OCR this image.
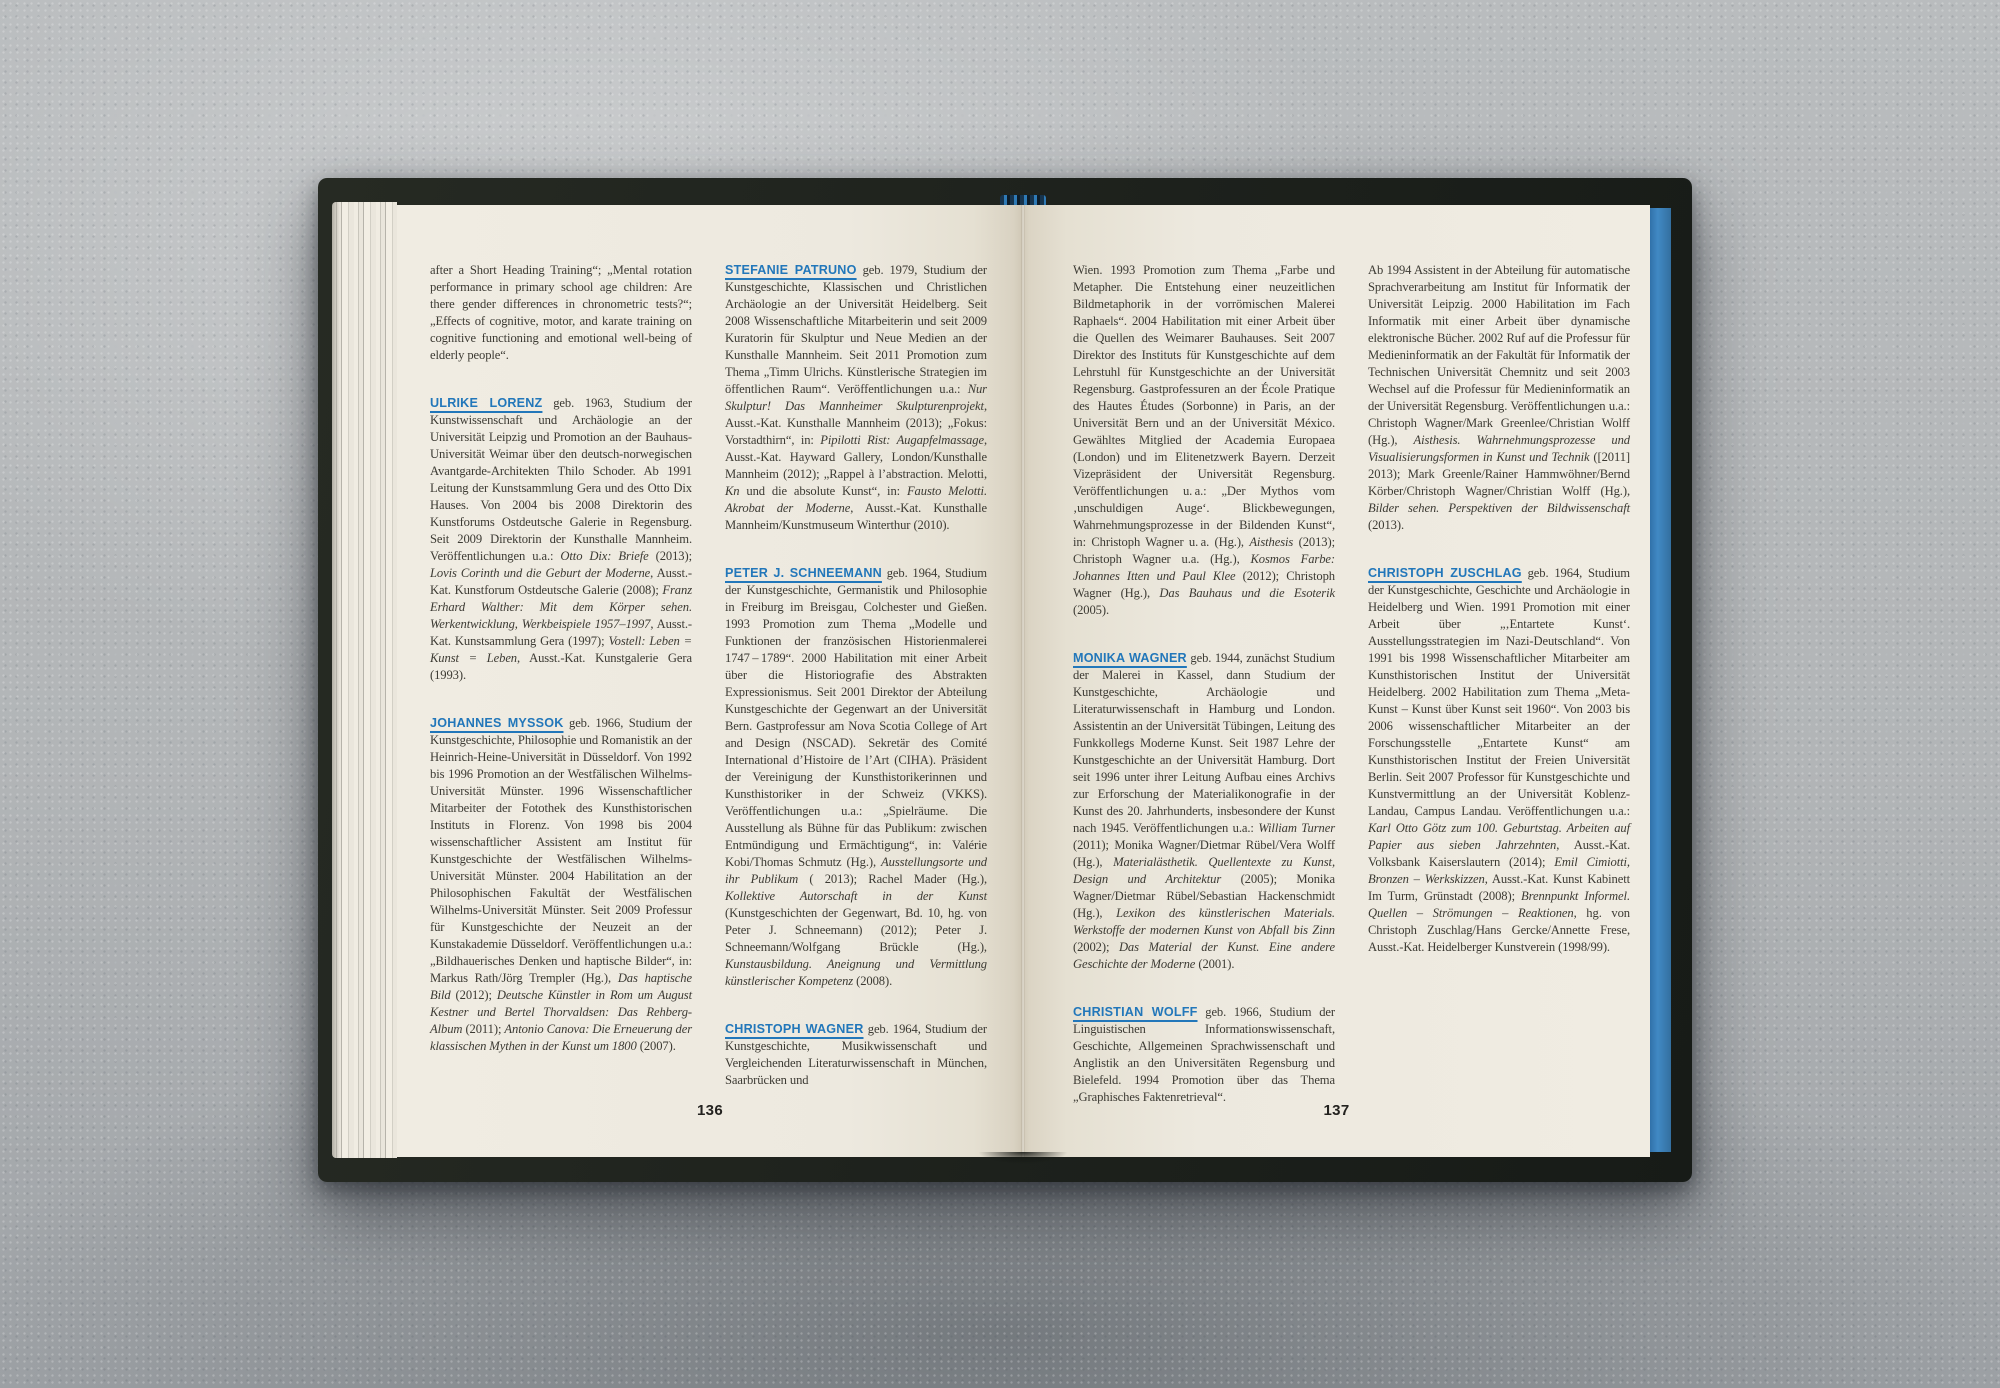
after a Short Heading Training“; „Mental rotation performance in primary school age children: Are there gender differences in chronometric tests?“; „Effects of cognitive, motor, and karate training on cognitive functioning and emotional well-being of elderly people“.

ULRIKE LORENZ geb. 1963, Studium der Kunstwissenschaft und Archäologie an der Universität Leipzig und Promotion an der Bauhaus-Universität Weimar über den deutsch-norwegischen Avantgarde-Architekten Thilo Schoder. Ab 1991 Leitung der Kunstsammlung Gera und des Otto Dix Hauses. Von 2004 bis 2008 Direktorin des Kunstforums Ostdeutsche Galerie in Regensburg. Seit 2009 Direktorin der Kunsthalle Mannheim. Veröffentlichungen u.a.: Otto Dix: Briefe (2013); Lovis Corinth und die Geburt der Moderne, Ausst.-Kat. Kunstforum Ostdeutsche Galerie (2008); Franz Erhard Walther: Mit dem Körper sehen. Werkentwicklung, Werkbeispiele 1957–1997, Ausst.-Kat. Kunstsammlung Gera (1997); Vostell: Leben = Kunst = Leben, Ausst.-Kat. Kunstgalerie Gera (1993).

JOHANNES MYSSOK geb. 1966, Studium der Kunstgeschichte, Philosophie und Romanistik an der Heinrich-Heine-Universität in Düsseldorf. Von 1992 bis 1996 Promotion an der Westfälischen Wilhelms-Universität Münster. 1996 Wissenschaftlicher Mitarbeiter der Fotothek des Kunsthistorischen Instituts in Florenz. Von 1998 bis 2004 wissenschaftlicher Assistent am Institut für Kunstgeschichte der Westfälischen Wilhelms-Universität Münster. 2004 Habilitation an der Philosophischen Fakultät der Westfälischen Wilhelms-Universität Münster. Seit 2009 Professur für Kunstgeschichte der Neuzeit an der Kunstakademie Düsseldorf. Veröffentlichungen u.a.: „Bildhauerisches Denken und haptische Bilder“, in: Markus Rath/Jörg Trempler (Hg.), Das haptische Bild (2012); Deutsche Künstler in Rom um August Kestner und Bertel Thorvaldsen: Das Rehberg-Album (2011); Antonio Canova: Die Erneuerung der klassischen Mythen in der Kunst um 1800 (2007).

STEFANIE PATRUNO geb. 1979, Studium der Kunstgeschichte, Klassischen und Christlichen Archäologie an der Universität Heidelberg. Seit 2008 Wissenschaftliche Mitarbeiterin und seit 2009 Kuratorin für Skulptur und Neue Medien an der Kunsthalle Mannheim. Seit 2011 Promotion zum Thema „Timm Ulrichs. Künstlerische Strategien im öffentlichen Raum“. Veröffentlichungen u.a.: Nur Skulptur! Das Mannheimer Skulpturenprojekt, Ausst.-Kat. Kunsthalle Mannheim (2013); „Fokus: Vorstadthirn“, in: Pipilotti Rist: Augapfelmassage, Ausst.-Kat. Hayward Gallery, London/Kunsthalle Mannheim (2012); „Rappel à l’abstraction. Melotti, Kn und die absolute Kunst“, in: Fausto Melotti. Akrobat der Moderne, Ausst.-Kat. Kunsthalle Mannheim/Kunstmuseum Winterthur (2010).

PETER J. SCHNEEMANN geb. 1964, Studium der Kunstgeschichte, Germanistik und Philosophie in Freiburg im Breisgau, Colchester und Gießen. 1993 Promotion zum Thema „Modelle und Funktionen der französischen Historienmalerei 1747 – 1789“. 2000 Habilitation mit einer Arbeit über die Historiografie des Abstrakten Expressionismus. Seit 2001 Direktor der Abteilung Kunstgeschichte der Gegenwart an der Universität Bern. Gastprofessur am Nova Scotia College of Art and Design (NSCAD). Sekretär des Comité International d’Histoire de l’Art (CIHA). Präsident der Vereinigung der Kunsthistorikerinnen und Kunsthistoriker in der Schweiz (VKKS). Veröffentlichungen u.a.: „Spielräume. Die Ausstellung als Bühne für das Publikum: zwischen Entmündigung und Ermächtigung“, in: Valérie Kobi/Thomas Schmutz (Hg.), Ausstellungsorte und ihr Publikum ( 2013); Rachel Mader (Hg.), Kollektive Autorschaft in der Kunst (Kunstgeschichten der Gegenwart, Bd. 10, hg. von Peter J. Schneemann) (2012); Peter J. Schneemann/Wolfgang Brückle (Hg.), Kunstausbildung. Aneignung und Vermittlung künstlerischer Kompetenz (2008).

CHRISTOPH WAGNER geb. 1964, Studium der Kunstgeschichte, Musikwissenschaft und Vergleichenden Literaturwissenschaft in München, Saarbrücken und

136

Wien. 1993 Promotion zum Thema „Farbe und Metapher. Die Entstehung einer neuzeitlichen Bildmetaphorik in der vorrömischen Malerei Raphaels“. 2004 Habilitation mit einer Arbeit über die Quellen des Weimarer Bauhauses. Seit 2007 Direktor des Instituts für Kunstgeschichte auf dem Lehrstuhl für Kunstgeschichte an der Universität Regensburg. Gastprofessuren an der École Pratique des Hautes Études (Sorbonne) in Paris, an der Universität Bern und an der Universität México. Gewähltes Mitglied der Academia Europaea (London) und im Elitenetzwerk Bayern. Derzeit Vizepräsident der Universität Regensburg. Veröffentlichungen u. a.: „Der Mythos vom ‚unschuldigen Auge‘. Blickbewegungen, Wahrnehmungsprozesse in der Bildenden Kunst“, in: Christoph Wagner u. a. (Hg.), Aisthesis (2013); Christoph Wagner u.a. (Hg.), Kosmos Farbe: Johannes Itten und Paul Klee (2012); Christoph Wagner (Hg.), Das Bauhaus und die Esoterik (2005).

MONIKA WAGNER geb. 1944, zunächst Studium der Malerei in Kassel, dann Studium der Kunstgeschichte, Archäologie und Literaturwissenschaft in Hamburg und London. Assistentin an der Universität Tübingen, Leitung des Funkkollegs Moderne Kunst. Seit 1987 Lehre der Kunstgeschichte an der Universität Hamburg. Dort seit 1996 unter ihrer Leitung Aufbau eines Archivs zur Erforschung der Materialikonografie in der Kunst des 20. Jahrhunderts, insbesondere der Kunst nach 1945. Veröffentlichungen u.a.: William Turner (2011); Monika Wagner/Dietmar Rübel/Vera Wolff (Hg.), Materialästhetik. Quellentexte zu Kunst, Design und Architektur (2005); Monika Wagner/Dietmar Rübel/Sebastian Hackenschmidt (Hg.), Lexikon des künstlerischen Materials. Werkstoffe der modernen Kunst von Abfall bis Zinn (2002); Das Material der Kunst. Eine andere Geschichte der Moderne (2001).

CHRISTIAN WOLFF geb. 1966, Studium der Linguistischen Informationswissenschaft, Geschichte, Allgemeinen Sprachwissenschaft und Anglistik an den Universitäten Regensburg und Bielefeld. 1994 Promotion über das Thema „Graphisches Faktenretrieval“.

Ab 1994 Assistent in der Abteilung für automatische Sprachverarbeitung am Institut für Informatik der Universität Leipzig. 2000 Habilitation im Fach Informatik mit einer Arbeit über dynamische elektronische Bücher. 2002 Ruf auf die Professur für Medieninformatik an der Fakultät für Informatik der Technischen Universität Chemnitz und seit 2003 Wechsel auf die Professur für Medieninformatik an der Universität Regensburg. Veröffentlichungen u.a.: Christoph Wagner/Mark Greenlee/Christian Wolff (Hg.), Aisthesis. Wahrnehmungsprozesse und Visualisierungsformen in Kunst und Technik ([2011] 2013); Mark Greenle/Rainer Hammwöhner/Bernd Körber/Christoph Wagner/Christian Wolff (Hg.), Bilder sehen. Perspektiven der Bildwissenschaft (2013).

CHRISTOPH ZUSCHLAG geb. 1964, Studium der Kunstgeschichte, Geschichte und Archäologie in Heidelberg und Wien. 1991 Promotion mit einer Arbeit über „‚Entartete Kunst‘. Ausstellungsstrategien im Nazi-Deutschland“. Von 1991 bis 1998 Wissenschaftlicher Mitarbeiter am Kunsthistorischen Institut der Universität Heidelberg. 2002 Habilitation zum Thema „Meta-Kunst – Kunst über Kunst seit 1960“. Von 2003 bis 2006 wissenschaftlicher Mitarbeiter an der Forschungsstelle „Entartete Kunst“ am Kunsthistorischen Institut der Freien Universität Berlin. Seit 2007 Professor für Kunstgeschichte und Kunstvermittlung an der Universität Koblenz-Landau, Campus Landau. Veröffentlichungen u.a.: Karl Otto Götz zum 100. Geburtstag. Arbeiten auf Papier aus sieben Jahrzehnten, Ausst.-Kat. Volksbank Kaiserslautern (2014); Emil Cimiotti, Bronzen – Werkskizzen, Ausst.-Kat. Kunst Kabinett Im Turm, Grünstadt (2008); Brennpunkt Informel. Quellen – Strömungen – Reaktionen, hg. von Christoph Zuschlag/Hans Gercke/Annette Frese, Ausst.-Kat. Heidelberger Kunstverein (1998/99).

137
